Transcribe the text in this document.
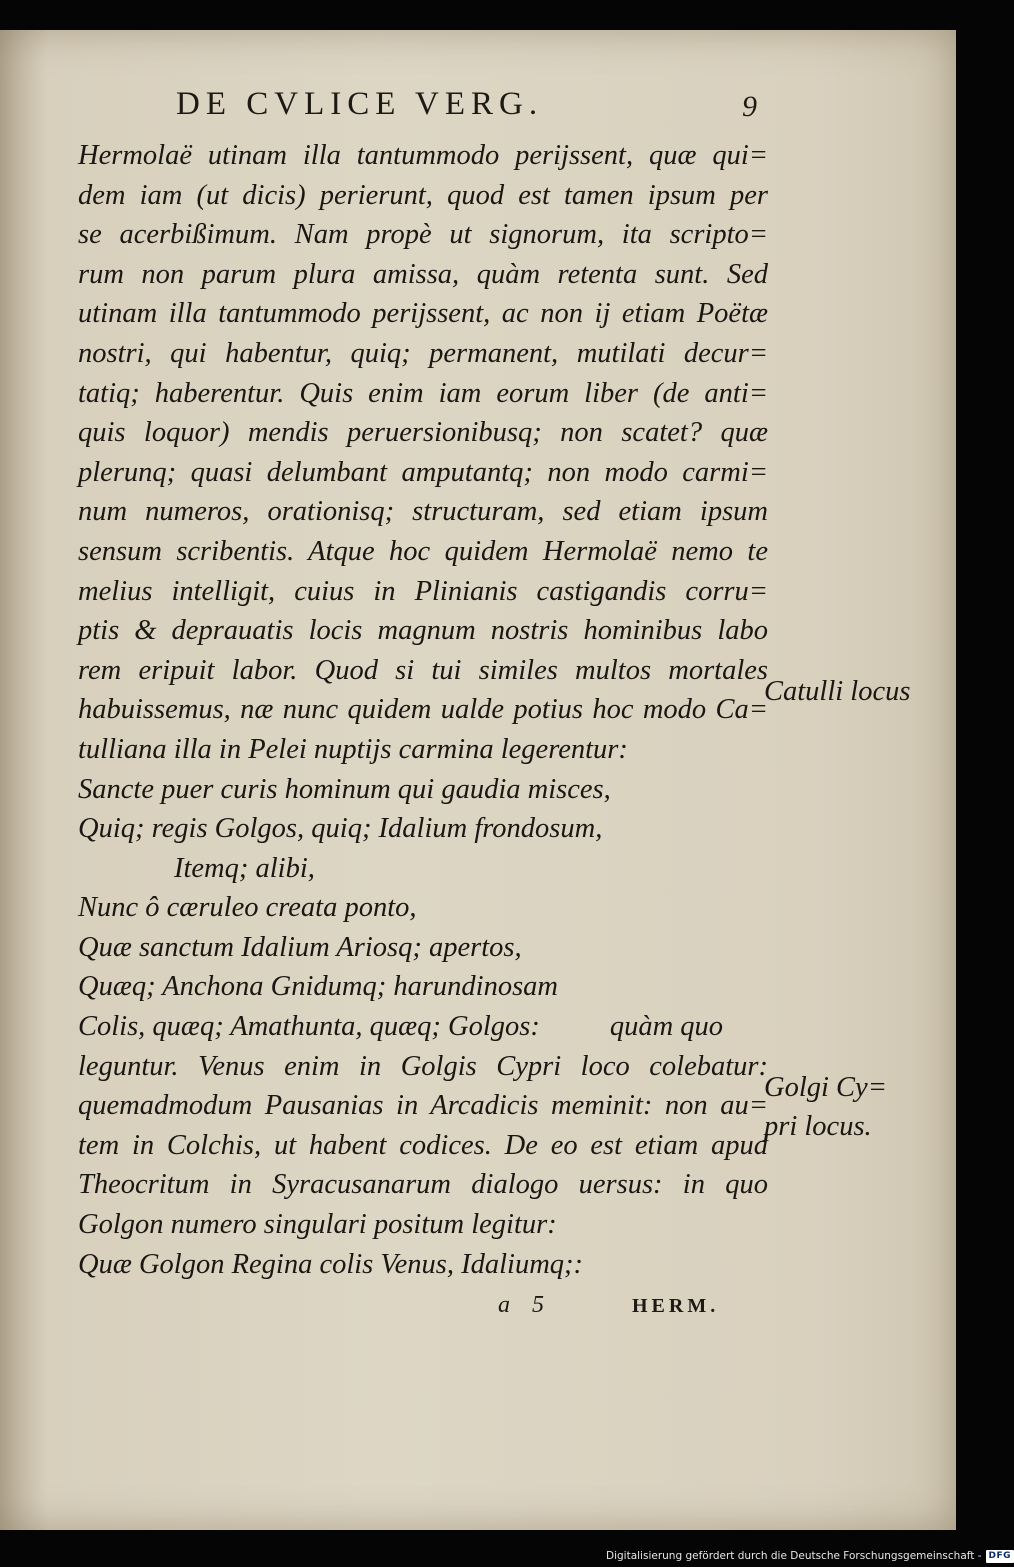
DE CVLICE VERG.	9
Hermolaë utinam illa tantummodo perijssent, quæ qui=
dem iam (ut dicis) perierunt, quod est tamen ipsum per
se acerbißimum. Nam propè ut signorum, ita scripto=
rum non parum plura amissa, quàm retenta sunt. Sed
utinam illa tantummodo perijssent, ac non ij etiam Poëtæ
nostri, qui habentur, quiq; permanent, mutilati decur=
tatiq; haberentur. Quis enim iam eorum liber (de anti=
quis loquor) mendis peruersionibusq; non scatet? quæ
plerunq; quasi delumbant amputantq; non modo carmi=
num numeros, orationisq; structuram, sed etiam ipsum
sensum scribentis. Atque hoc quidem Hermolaë nemo te
melius intelligit, cuius in Plinianis castigandis corru=
ptis & deprauatis locis magnum nostris hominibus labo
rem eripuit labor. Quod si tui similes multos mortales
habuissemus, næ nunc quidem ualde potius hoc modo Ca=
tulliana illa in Pelei nuptijs carmina legerentur:
Sancte puer curis hominum qui gaudia misces,
Quiq; regis Golgos, quiq; Idalium frondosum,
Itemq; alibi,
Nunc ô cæruleo creata ponto,
Quæ sanctum Idalium Ariosq; apertos,
Quæq; Anchona Gnidumq; harundinosam
Colis, quæq; Amathunta, quæq; Golgos: quàm quo
leguntur. Venus enim in Golgis Cypri loco colebatur:
quemadmodum Pausanias in Arcadicis meminit: non au=
tem in Colchis, ut habent codices. De eo est etiam apud
Theocritum in Syracusanarum dialogo uersus: in quo
Golgon numero singulari positum legitur:
Quæ Golgon Regina colis Venus, Idaliumq;:
Catulli locus
Golgi Cy=
pri locus.
a 5	HERM.
Digitalisierung gefördert durch die Deutsche Forschungsgemeinschaft - DFG
